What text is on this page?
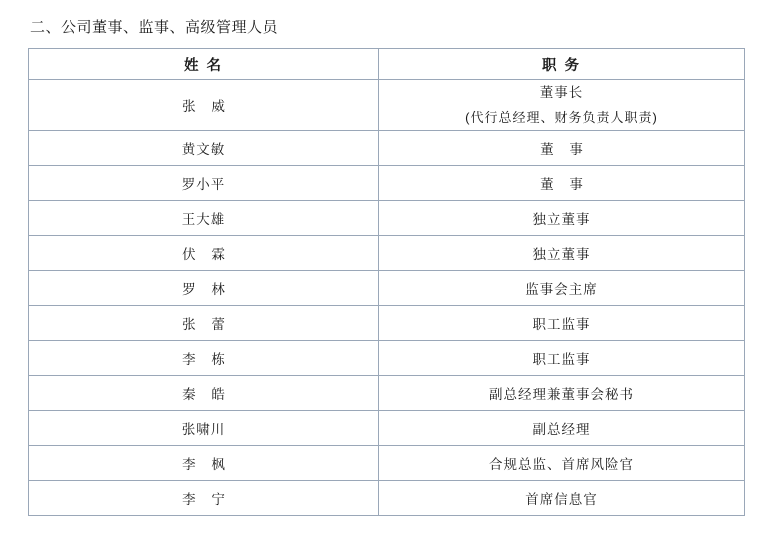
二、公司董事、监事、高级管理人员
姓 名	职 务
张 威	董事长
(代行总经理、财务负责人职责)

黄文敏	董 事
罗小平	董 事
王大雄	独立董事
伏 霖	独立董事
罗 林	监事会主席
张 蕾	职工监事
李 栋	职工监事
秦 皓	副总经理兼董事会秘书
张啸川	副总经理
李 枫	合规总监、首席风险官
李 宁	首席信息官
